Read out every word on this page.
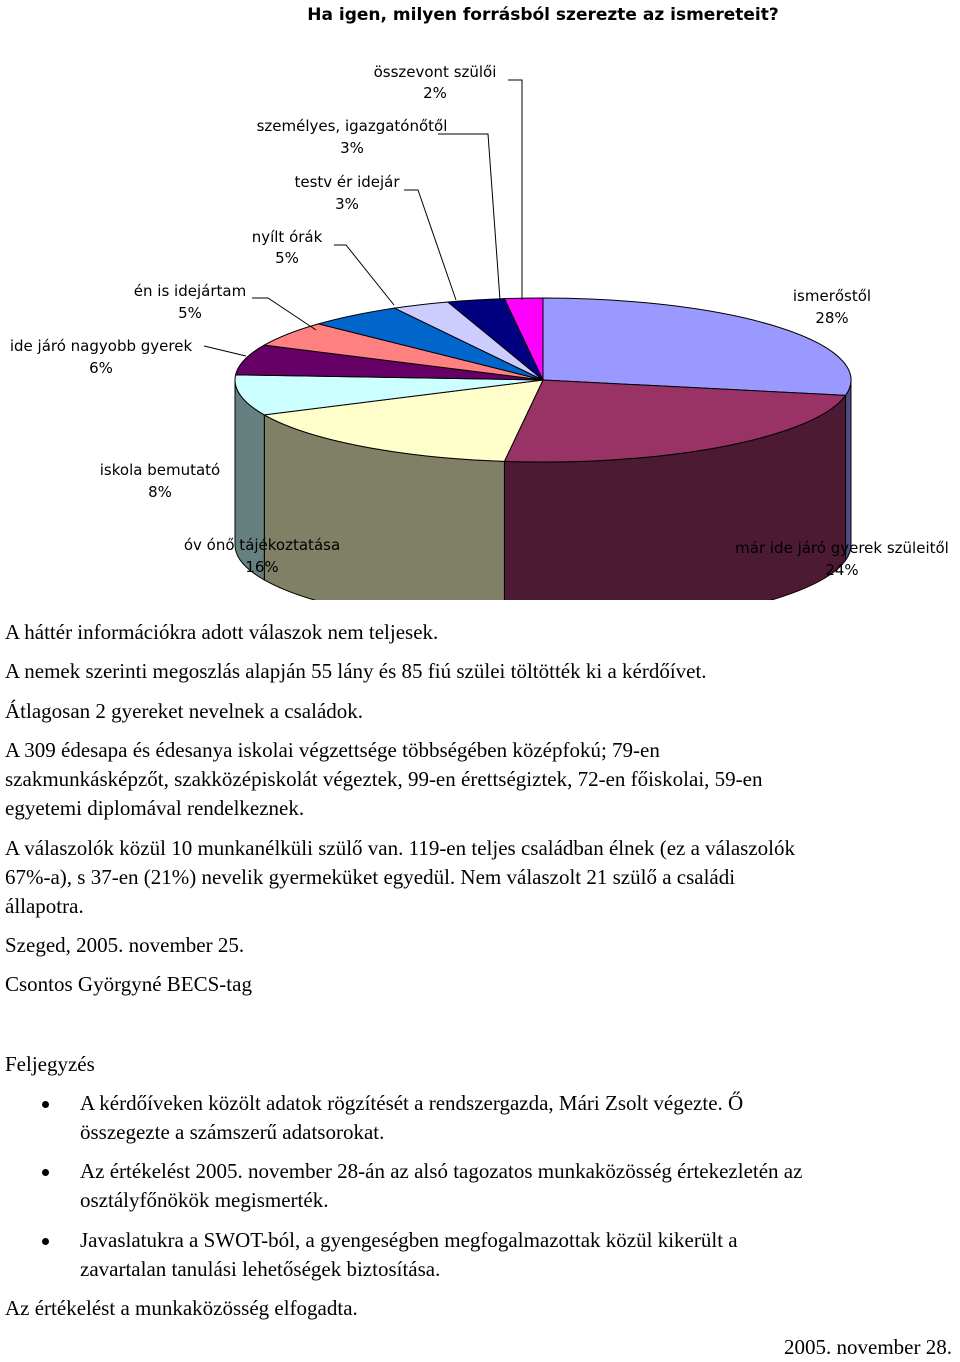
Ha igen, milyen forrásból szerezte az ismereteit?
összevont szülői
2%
személyes, igazgatónőtől
3%
testv ér idejár
3%
nyílt órák
5%
én is idejártam
5%
ide járó nagyobb gyerek
6%
iskola bemutató
8%
óv ónő tájékoztatása
16%
ismerőstől
28%
már ide járó gyerek szüleitől
24%

A háttér információkra adott válaszok nem teljesek.

A nemek szerinti megoszlás alapján 55 lány és 85 fiú szülei töltötték ki a kérdőívet.

Átlagosan 2 gyereket nevelnek a családok.

A 309 édesapa és édesanya iskolai végzettsége többségében középfokú; 79-en

szakmunkásképzőt, szakközépiskolát végeztek, 99-en érettségiztek, 72-en főiskolai, 59-en

egyetemi diplomával rendelkeznek.

A válaszolók közül 10 munkanélküli szülő van. 119-en teljes családban élnek (ez a válaszolók

67%-a), s 37-en (21%) nevelik gyermeküket egyedül. Nem válaszolt 21 szülő a családi

állapotra.

Szeged, 2005. november 25.

Csontos Györgyné BECS-tag

Feljegyzés

A kérdőíveken közölt adatok rögzítését a rendszergazda, Mári Zsolt végezte. Ő

összegezte a számszerű adatsorokat.

Az értékelést 2005. november 28-án az alsó tagozatos munkaközösség értekezletén az

osztályfőnökök megismerték.

Javaslatukra a SWOT-ból, a gyengeségben megfogalmazottak közül kikerült a

zavartalan tanulási lehetőségek biztosítása.

Az értékelést a munkaközösség elfogadta.

2005. november 28.
